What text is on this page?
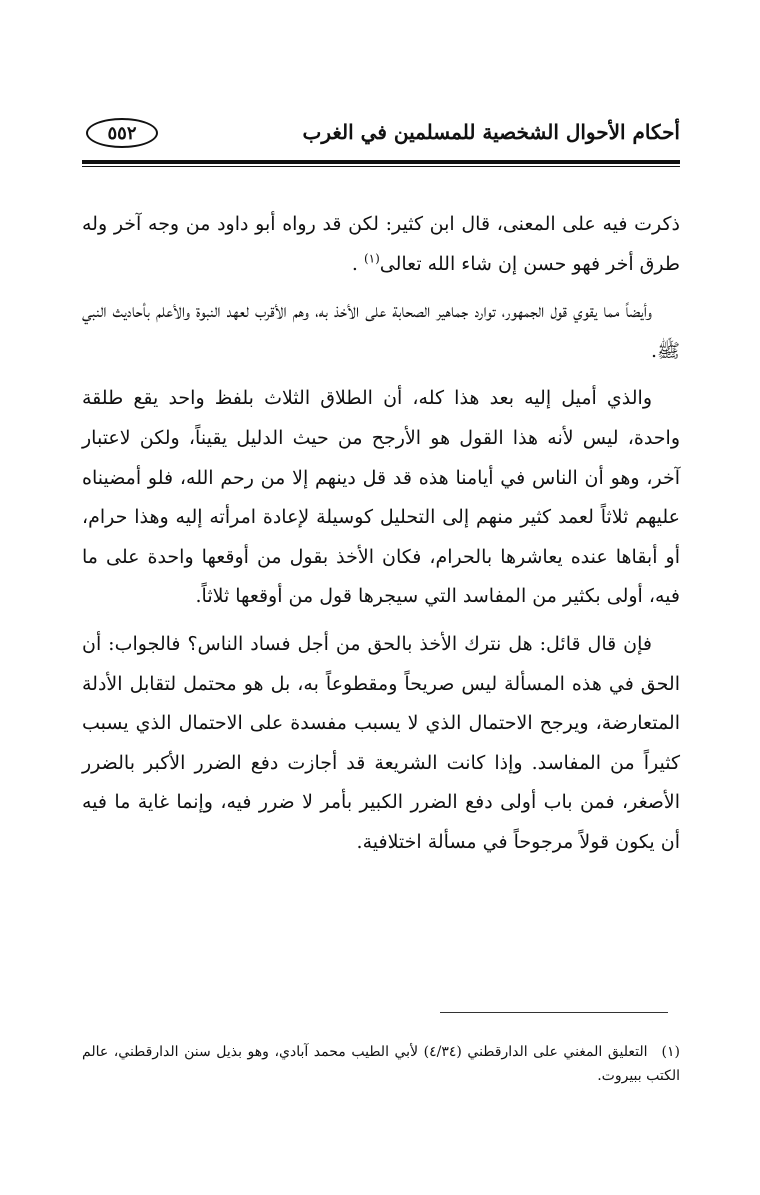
أحكام الأحوال الشخصية للمسلمين في الغرب
٥٥٢

ذكرت فيه على المعنى، قال ابن كثير: لكن قد رواه أبو داود من وجه آخر وله طرق أخر فهو حسن إن شاء الله تعالى$^{(١)}$ .

وأيضاً مما يقوي قول الجمهور، توارد جماهير الصحابة على الأخذ به، وهم الأقرب لعهد النبوة والأعلم بأحاديث النبي ﷺ.

والذي أميل إليه بعد هذا كله، أن الطلاق الثلاث بلفظ واحد يقع طلقة واحدة، ليس لأنه هذا القول هو الأرجح من حيث الدليل يقيناً، ولكن لاعتبار آخر، وهو أن الناس في أيامنا هذه قد قل دينهم إلا من رحم الله، فلو أمضيناه عليهم ثلاثاً لعمد كثير منهم إلى التحليل كوسيلة لإعادة امرأته إليه وهذا حرام، أو أبقاها عنده يعاشرها بالحرام، فكان الأخذ بقول من أوقعها واحدة على ما فيه، أولى بكثير من المفاسد التي سيجرها قول من أوقعها ثلاثاً.

فإن قال قائل: هل نترك الأخذ بالحق من أجل فساد الناس؟ فالجواب: أن الحق في هذه المسألة ليس صريحاً ومقطوعاً به، بل هو محتمل لتقابل الأدلة المتعارضة، ويرجح الاحتمال الذي لا يسبب مفسدة على الاحتمال الذي يسبب كثيراً من المفاسد. وإذا كانت الشريعة قد أجازت دفع الضرر الأكبر بالضرر الأصغر، فمن باب أولى دفع الضرر الكبير بأمر لا ضرر فيه، وإنما غاية ما فيه أن يكون قولاً مرجوحاً في مسألة اختلافية.

(١)التعليق المغني على الدارقطني (٤/٣٤) لأبي الطيب محمد آبادي، وهو بذيل سنن الدارقطني، عالم الكتب ببيروت.
